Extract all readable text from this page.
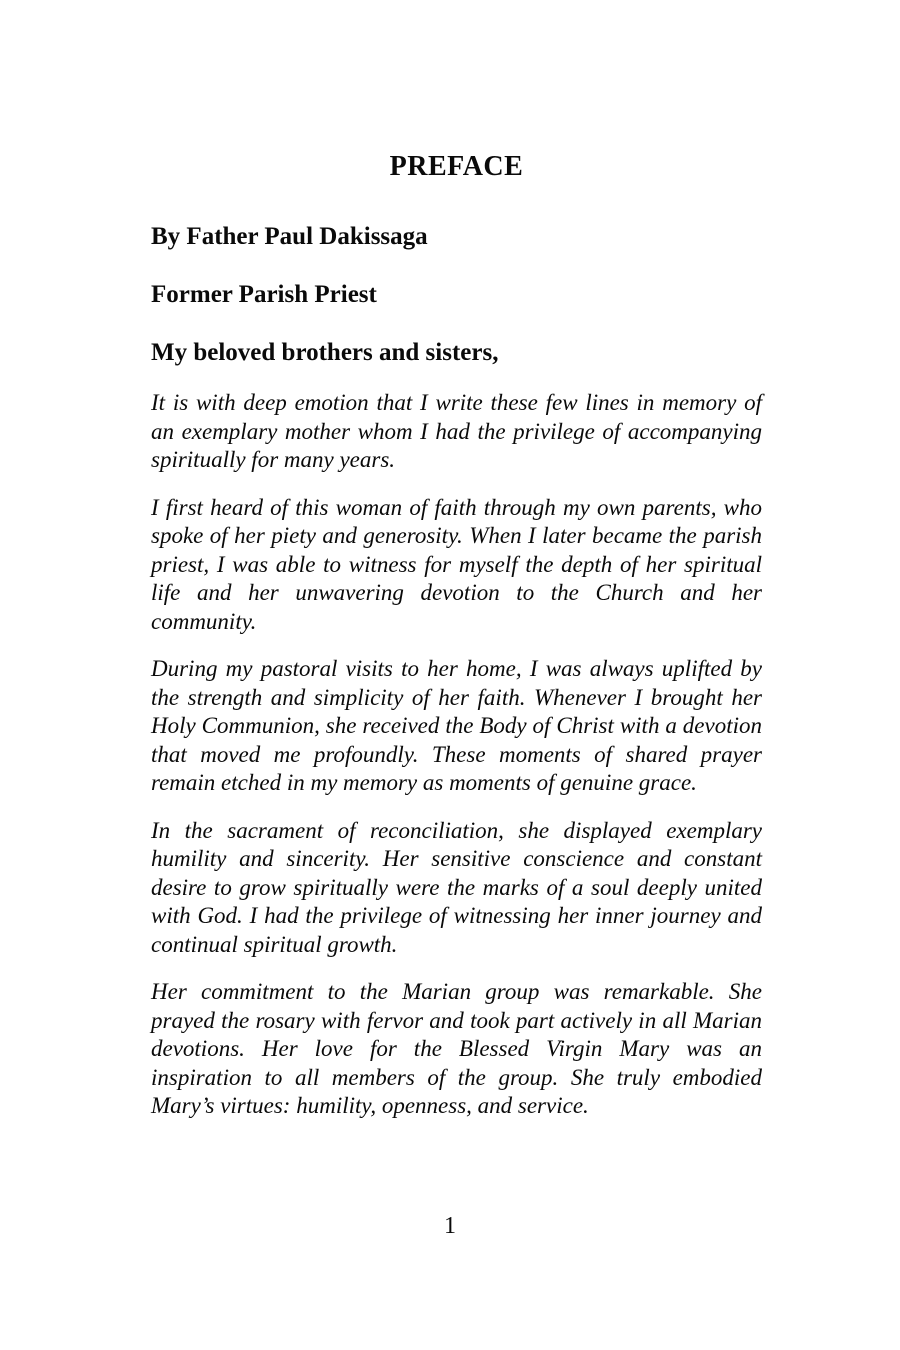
PREFACE

By Father Paul Dakissaga

Former Parish Priest

My beloved brothers and sisters,

It is with deep emotion that I write these few lines in memory of an exemplary mother whom I had the privilege of accompanying spiritually for many years.

I first heard of this woman of faith through my own parents, who spoke of her piety and generosity. When I later became the parish priest, I was able to witness for myself the depth of her spiritual life and her unwavering devotion to the Church and her community.

During my pastoral visits to her home, I was always uplifted by the strength and simplicity of her faith. Whenever I brought her Holy Communion, she received the Body of Christ with a devotion that moved me profoundly. These moments of shared prayer remain etched in my memory as moments of genuine grace.

In the sacrament of reconciliation, she displayed exemplary humility and sincerity. Her sensitive conscience and constant desire to grow spiritually were the marks of a soul deeply united with God. I had the privilege of witnessing her inner journey and continual spiritual growth.

Her commitment to the Marian group was remarkable. She prayed the rosary with fervor and took part actively in all Marian devotions. Her love for the Blessed Virgin Mary was an inspiration to all members of the group. She truly embodied Mary’s virtues: humility, openness, and service.

1
